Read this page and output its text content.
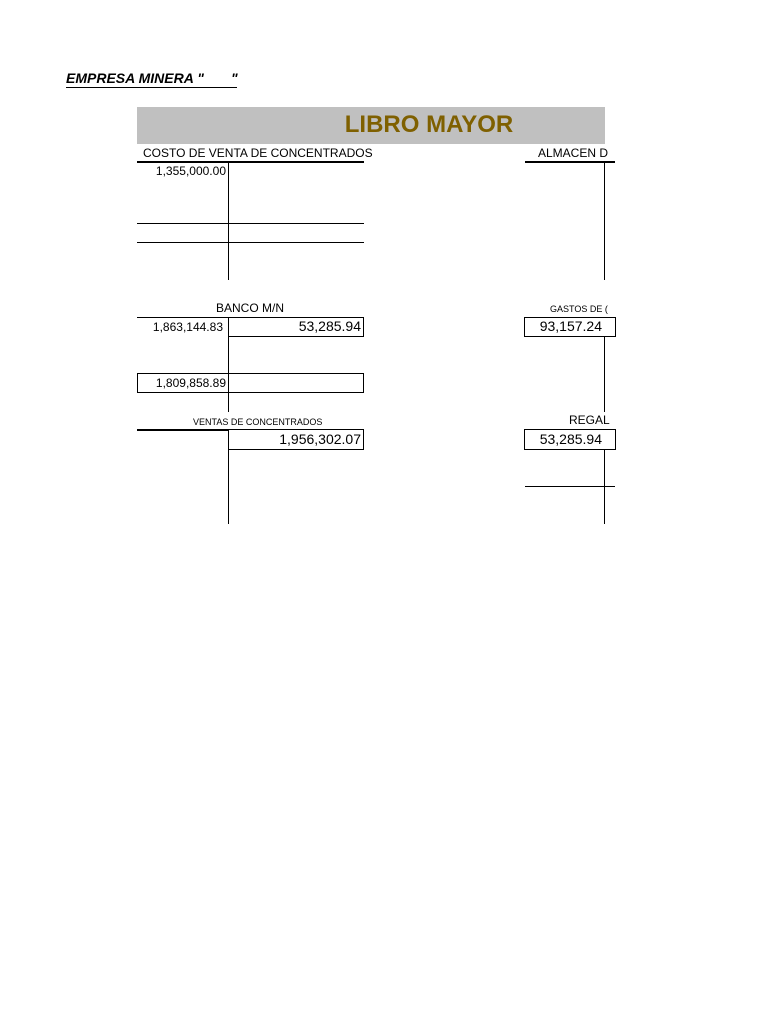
EMPRESA MINERA "       "
LIBRO MAYOR
COSTO DE VENTA DE CONCENTRADOS
1,355,000.00
ALMACEN D
BANCO M/N
1,863,144.83	53,285.94
1,809,858.89
GASTOS DE (
93,157.24
VENTAS DE CONCENTRADOS
1,956,302.07
REGAL
53,285.94
